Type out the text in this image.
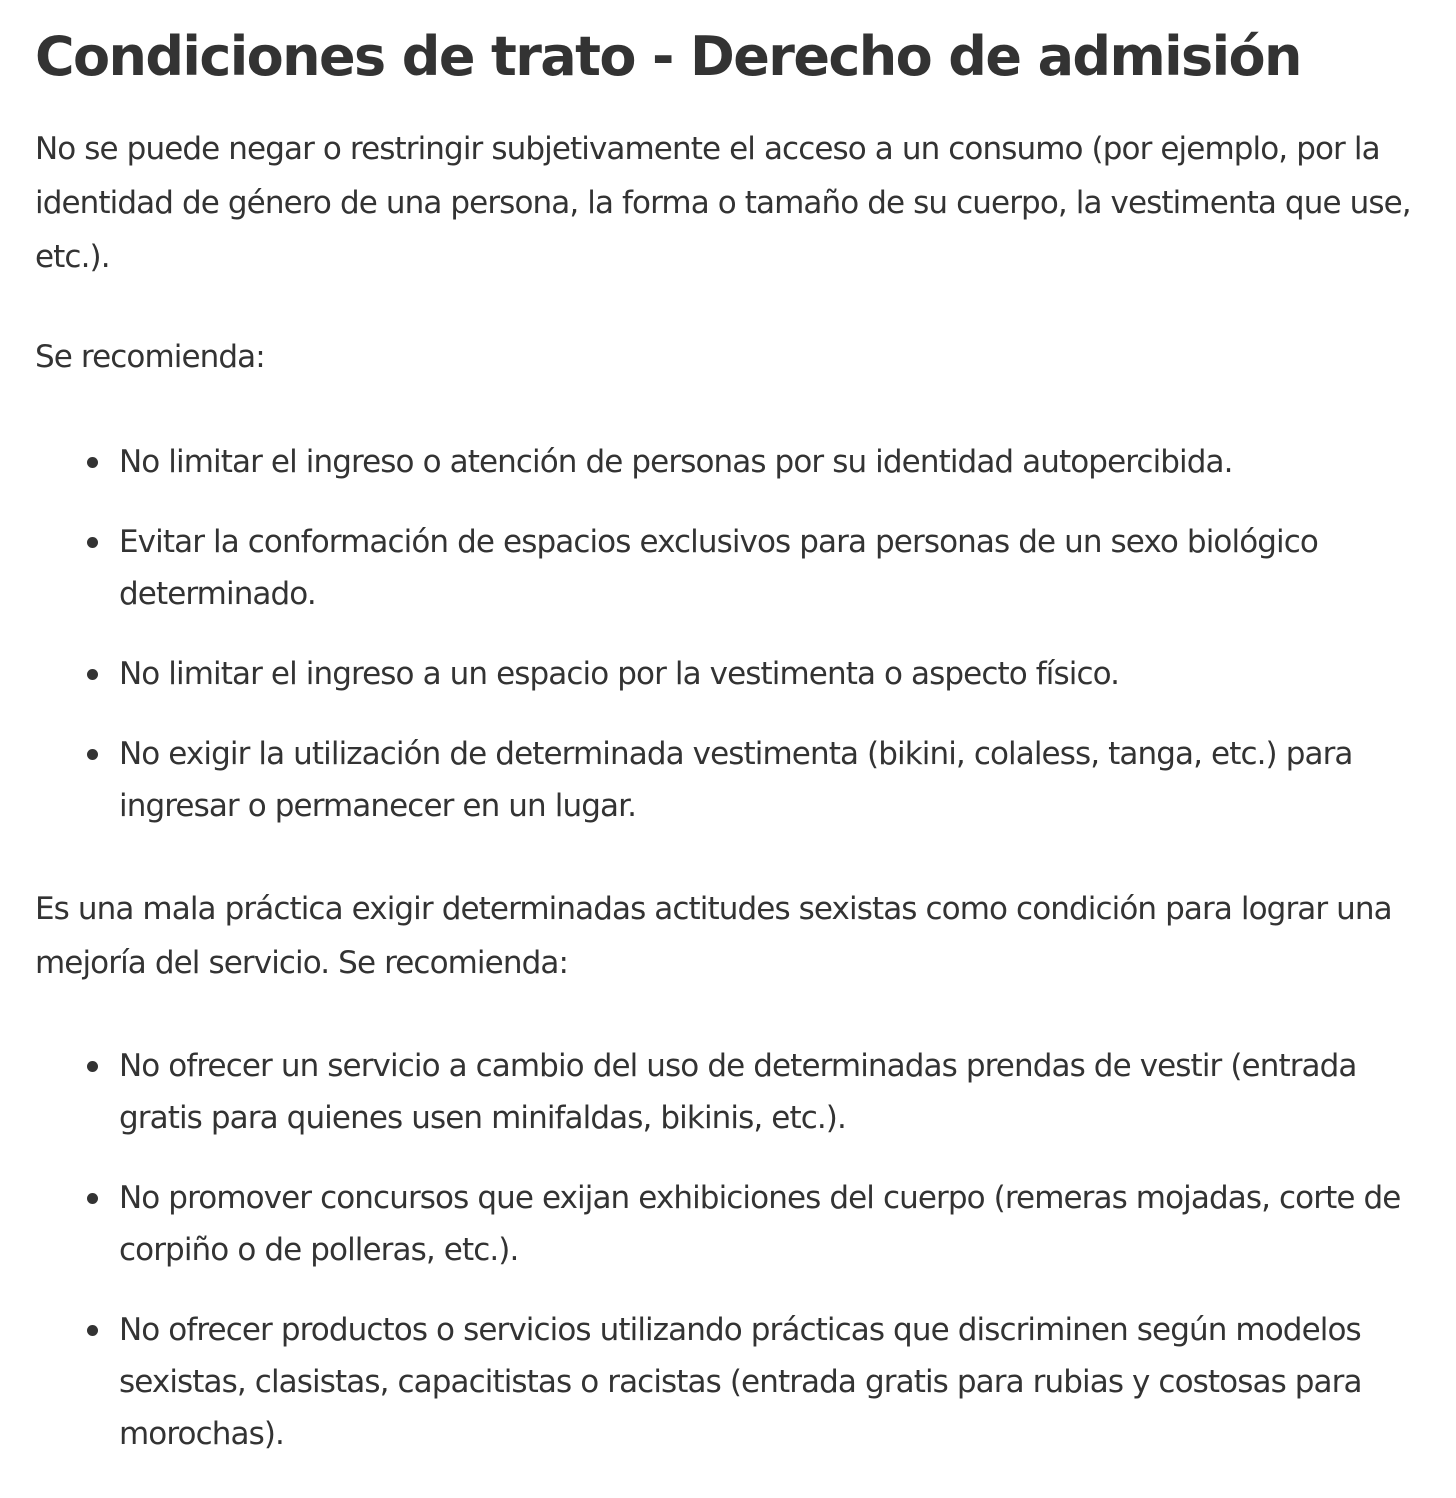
Condiciones de trato - Derecho de admisión

No se puede negar o restringir subjetivamente el acceso a un consumo (por ejemplo, por la identidad de género de una persona, la forma o tamaño de su cuerpo, la vestimenta que use, etc.).

Se recomienda:

No limitar el ingreso o atención de personas por su identidad autopercibida.
Evitar la conformación de espacios exclusivos para personas de un sexo biológico determinado.
No limitar el ingreso a un espacio por la vestimenta o aspecto físico.
No exigir la utilización de determinada vestimenta (bikini, colaless, tanga, etc.) para ingresar o permanecer en un lugar.

Es una mala práctica exigir determinadas actitudes sexistas como condición para lograr una mejoría del servicio. Se recomienda:

No ofrecer un servicio a cambio del uso de determinadas prendas de vestir (entrada gratis para quienes usen minifaldas, bikinis, etc.).
No promover concursos que exijan exhibiciones del cuerpo (remeras mojadas, corte de corpiño o de polleras, etc.).
No ofrecer productos o servicios utilizando prácticas que discriminen según modelos sexistas, clasistas, capacitistas o racistas (entrada gratis para rubias y costosas para morochas).
